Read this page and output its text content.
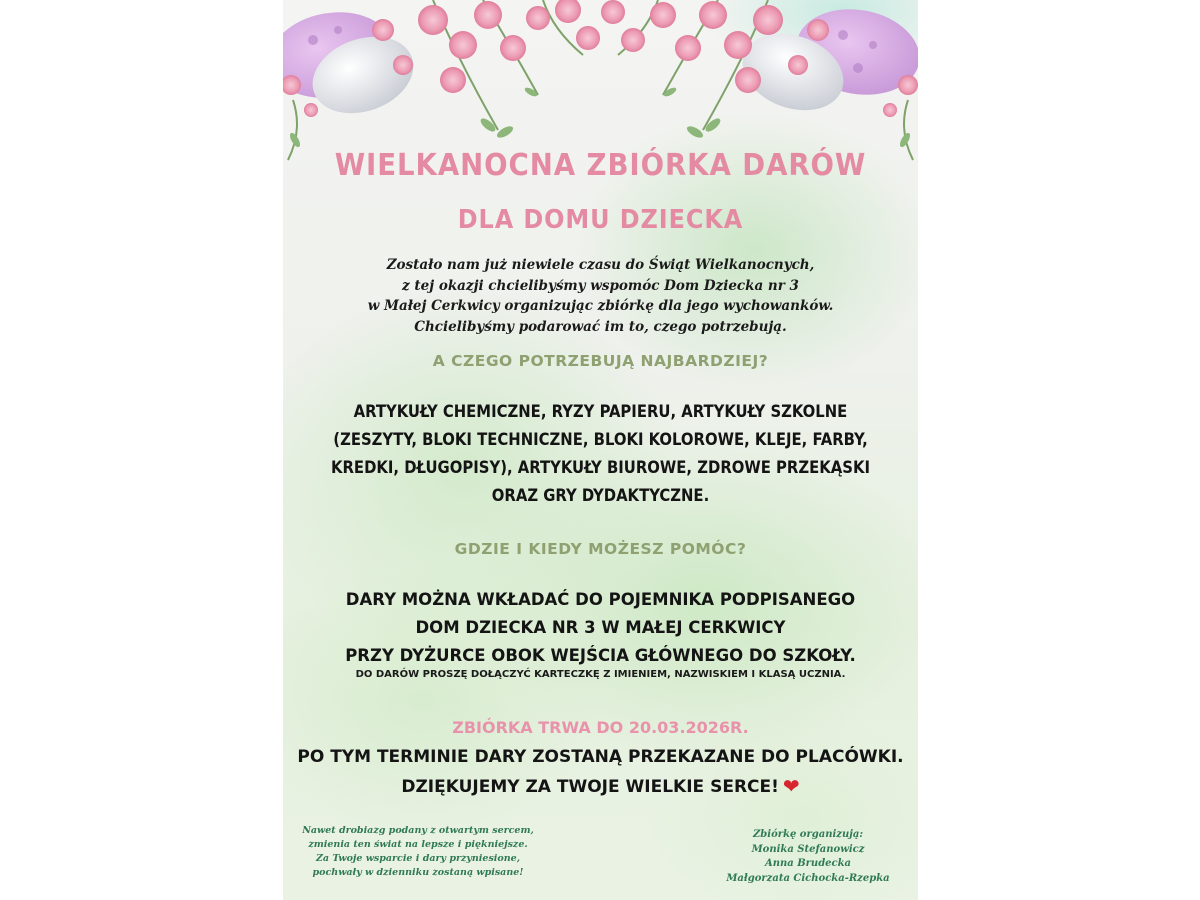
WIELKANOCNA ZBIÓRKA DARÓW
DLA DOMU DZIECKA
Zostało nam już niewiele czasu do Świąt Wielkanocnych,
z tej okazji chcielibyśmy wspomóc Dom Dziecka nr 3
w Małej Cerkwicy organizując zbiórkę dla jego wychowanków.
Chcielibyśmy podarować im to, czego potrzebują.
A CZEGO POTRZEBUJĄ NAJBARDZIEJ?
ARTYKUŁY CHEMICZNE, RYZY PAPIERU, ARTYKUŁY SZKOLNE
(ZESZYTY, BLOKI TECHNICZNE, BLOKI KOLOROWE, KLEJE, FARBY,
KREDKI, DŁUGOPISY), ARTYKUŁY BIUROWE, ZDROWE PRZEKĄSKI
ORAZ GRY DYDAKTYCZNE.
GDZIE I KIEDY MOŻESZ POMÓC?
DARY MOŻNA WKŁADAĆ DO POJEMNIKA PODPISANEGO
DOM DZIECKA NR 3 W MAŁEJ CERKWICY
PRZY DYŻURCE OBOK WEJŚCIA GŁÓWNEGO DO SZKOŁY.
DO DARÓW PROSZĘ DOŁĄCZYĆ KARTECZKĘ Z IMIENIEM, NAZWISKIEM I KLASĄ UCZNIA.
ZBIÓRKA TRWA DO 20.03.2026R.
PO TYM TERMINIE DARY ZOSTANĄ PRZEKAZANE DO PLACÓWKI.
DZIĘKUJEMY ZA TWOJE WIELKIE SERCE! ❤
Nawet drobiazg podany z otwartym sercem,
zmienia ten świat na lepsze i piękniejsze.
Za Twoje wsparcie i dary przyniesione,
pochwały w dzienniku zostaną wpisane!
Zbiórkę organizują:
Monika Stefanowicz
Anna Brudecka
Małgorzata Cichocka-Rzepka
